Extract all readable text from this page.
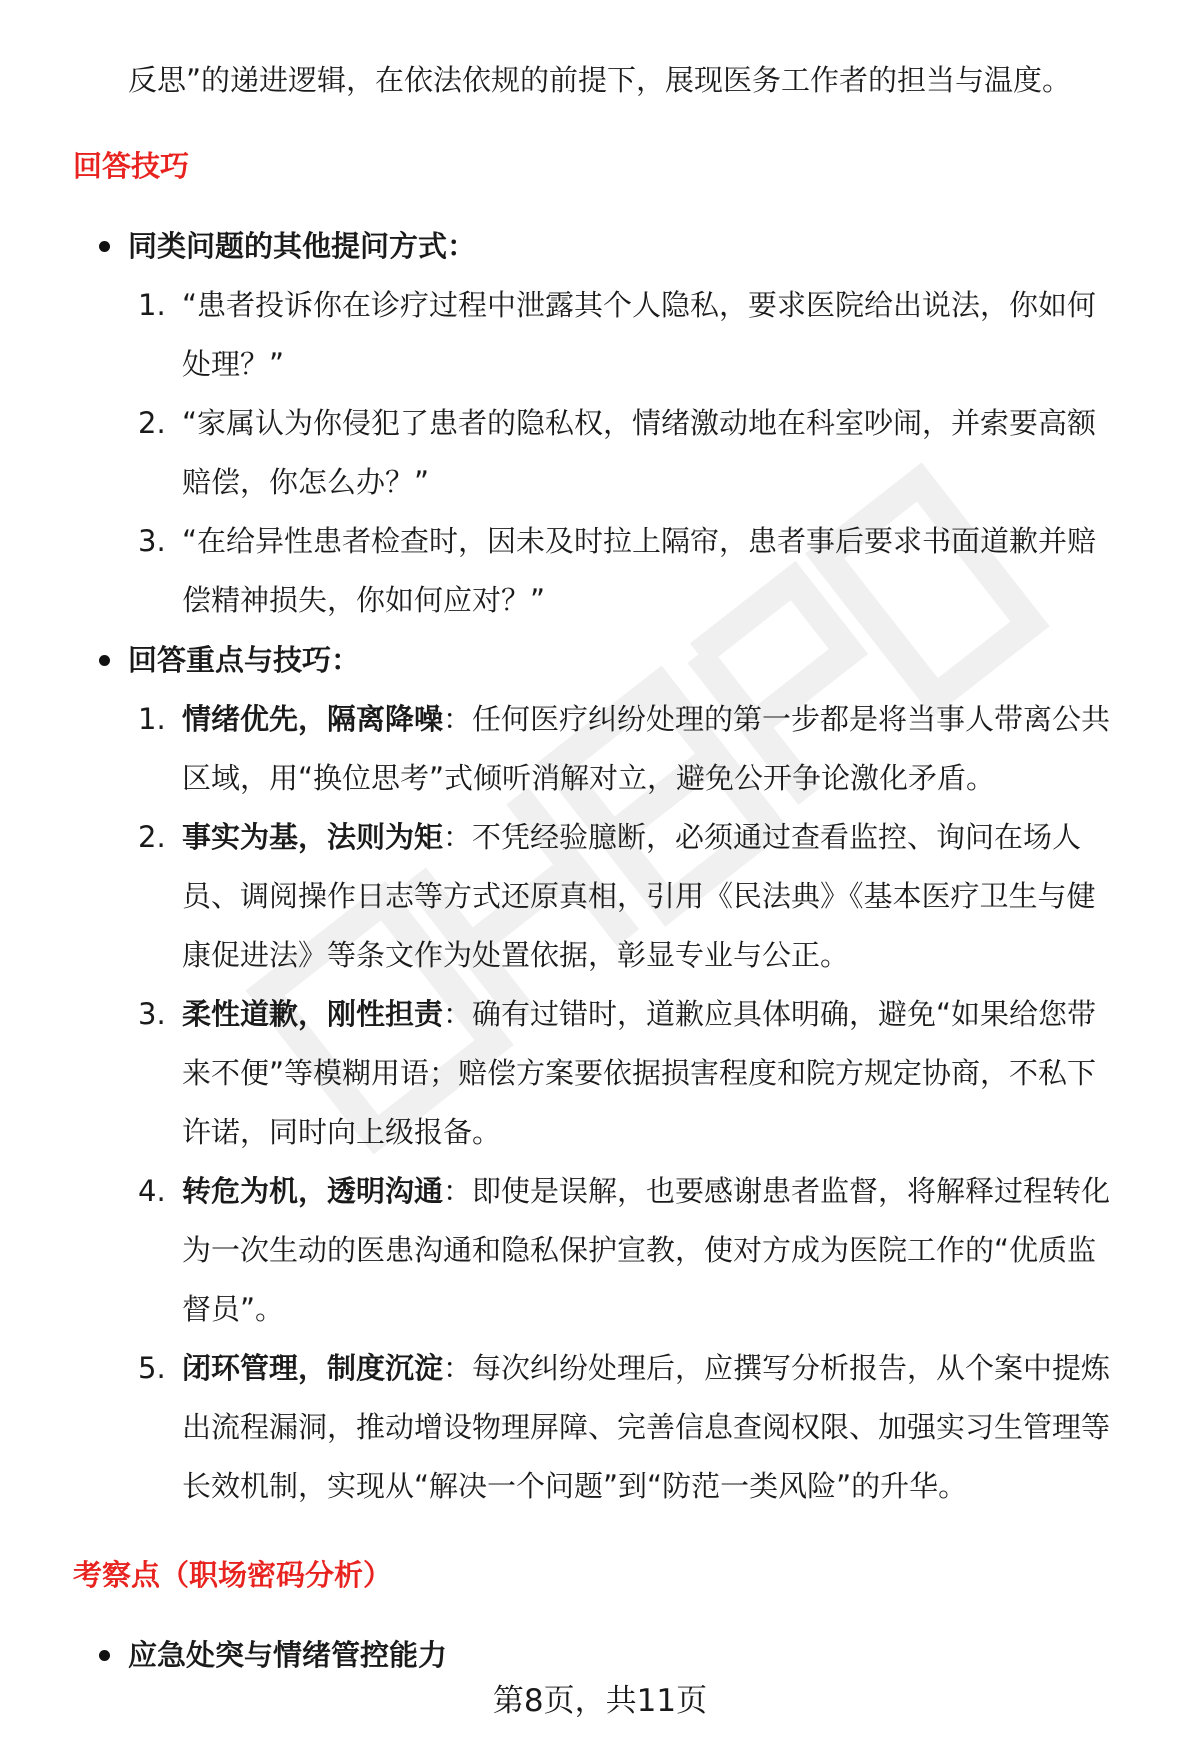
反思”的递进逻辑，在依法依规的前提下，展现医务工作者的担当与温度。
回答技巧
同类问题的其他提问方式：
1. “患者投诉你在诊疗过程中泄露其个人隐私，要求医院给出说法，你如何
处理？”
2. “家属认为你侵犯了患者的隐私权，情绪激动地在科室吵闹，并索要高额
赔偿，你怎么办？”
3. “在给异性患者检查时，因未及时拉上隔帘，患者事后要求书面道歉并赔
偿精神损失，你如何应对？”
回答重点与技巧：
1. 情绪优先，隔离降噪：任何医疗纠纷处理的第一步都是将当事人带离公共
区域，用“换位思考”式倾听消解对立，避免公开争论激化矛盾。
2. 事实为基，法则为矩：不凭经验臆断，必须通过查看监控、询问在场人
员、调阅操作日志等方式还原真相，引用《民法典》《基本医疗卫生与健
康促进法》等条文作为处置依据，彰显专业与公正。
3. 柔性道歉，刚性担责：确有过错时，道歉应具体明确，避免“如果给您带
来不便”等模糊用语；赔偿方案要依据损害程度和院方规定协商，不私下
许诺，同时向上级报备。
4. 转危为机，透明沟通：即使是误解，也要感谢患者监督，将解释过程转化
为一次生动的医患沟通和隐私保护宣教，使对方成为医院工作的“优质监
督员”。
5. 闭环管理，制度沉淀：每次纠纷处理后，应撰写分析报告，从个案中提炼
出流程漏洞，推动增设物理屏障、完善信息查阅权限、加强实习生管理等
长效机制，实现从“解决一个问题”到“防范一类风险”的升华。
考察点（职场密码分析）
应急处突与情绪管控能力
第8页，共11页
